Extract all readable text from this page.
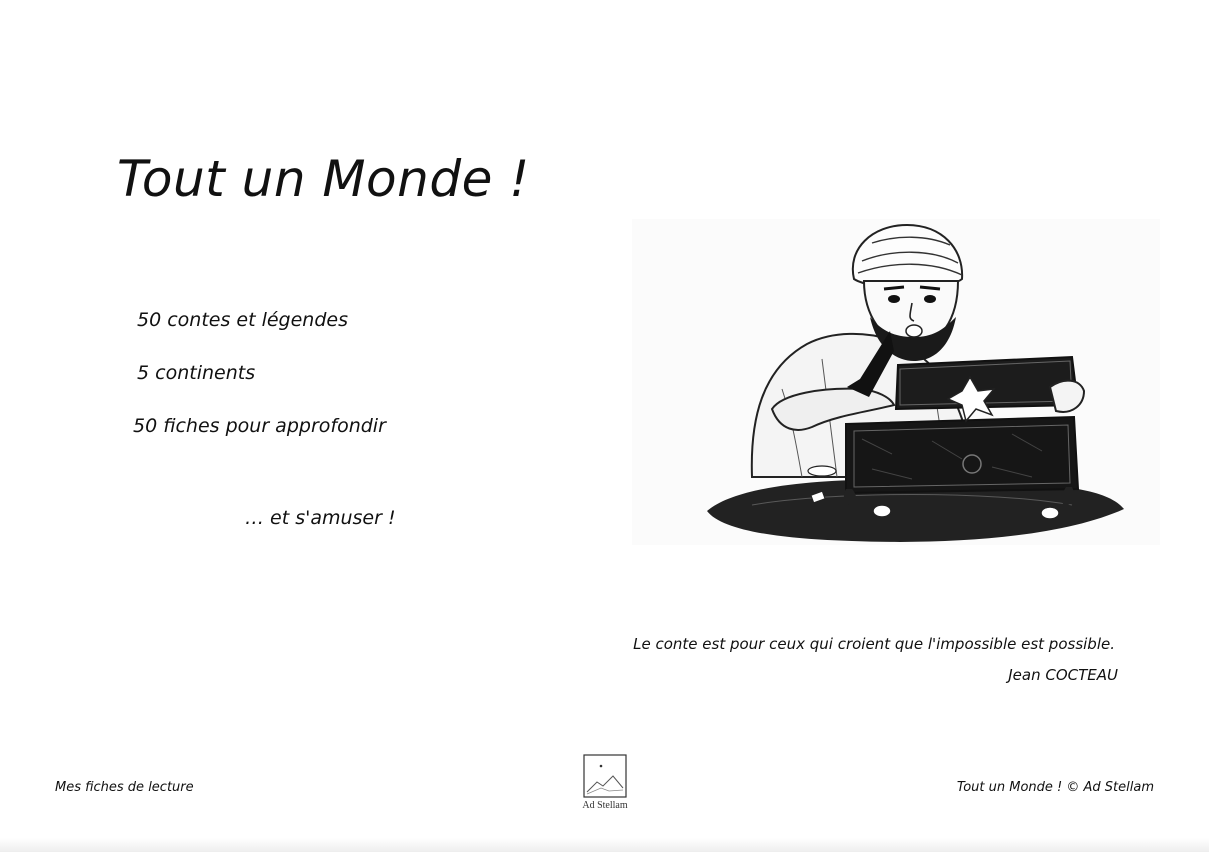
Tout un Monde !
50 contes et légendes
5 continents
50 fiches pour approfondir
… et s'amuser !

Le conte est pour ceux qui croient que l'impossible est possible.

Jean COCTEAU
Mes fiches de lecture
Ad Stellam
Tout un Monde ! © Ad Stellam
